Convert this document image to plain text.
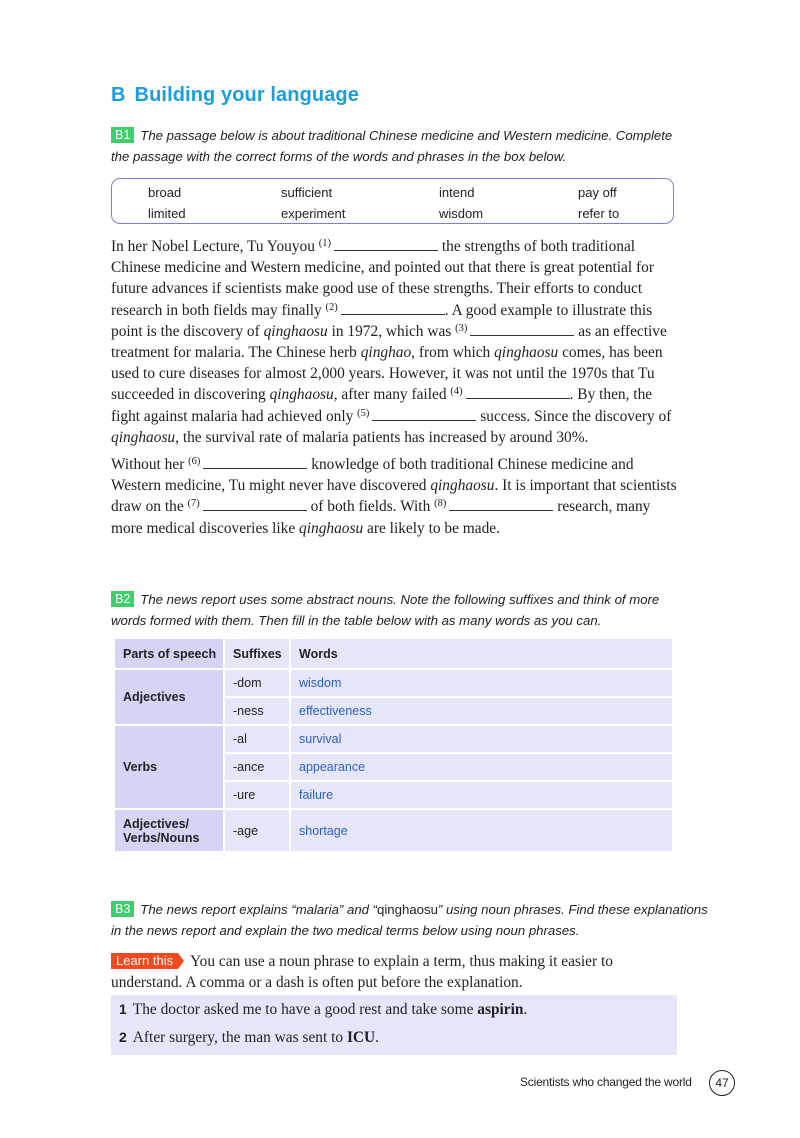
B Building your language
B1 The passage below is about traditional Chinese medicine and Western medicine. Complete the passage with the correct forms of the words and phrases in the box below.
broad	sufficient	intend	pay off
limited	experiment	wisdom	refer to

In her Nobel Lecture, Tu Youyou $^{(1)}$	the strengths of both traditional Chinese medicine and Western medicine, and pointed out that there is great potential for future advances if scientists make good use of these strengths. Their efforts to conduct research in both fields may finally $^{(2)}$	. A good example to illustrate this point is the discovery of qinghaosu in 1972, which was $^{(3)}$	as an effective treatment for malaria. The Chinese herb qinghao, from which qinghaosu comes, has been used to cure diseases for almost 2,000 years. However, it was not until the 1970s that Tu succeeded in discovering qinghaosu, after many failed $^{(4)}$	. By then, the fight against malaria had achieved only $^{(5)}$	success. Since the discovery of qinghaosu, the survival rate of malaria patients has increased by around 30%.

Without her $^{(6)}$	knowledge of both traditional Chinese medicine and Western medicine, Tu might never have discovered qinghaosu. It is important that scientists draw on the $^{(7)}$	of both fields. With $^{(8)}$	research, many more medical discoveries like qinghaosu are likely to be made.

B2 The news report uses some abstract nouns. Note the following suffixes and think of more words formed with them. Then fill in the table below with as many words as you can.
Parts of speech	Suffixes	Words
Adjectives	-dom	wisdom
	-ness	effectiveness
Verbs	-al	survival
	-ance	appearance
	-ure	failure
Adjectives/
Verbs/Nouns	-age	shortage
B3 The news report explains “malaria” and “qinghaosu” using noun phrases. Find these explanations in the news report and explain the two medical terms below using noun phrases.
Learn this You can use a noun phrase to explain a term, thus making it easier to understand. A comma or a dash is often put before the explanation.
1 The doctor asked me to have a good rest and take some aspirin.
2 After surgery, the man was sent to ICU.
Scientists who changed the world	47
